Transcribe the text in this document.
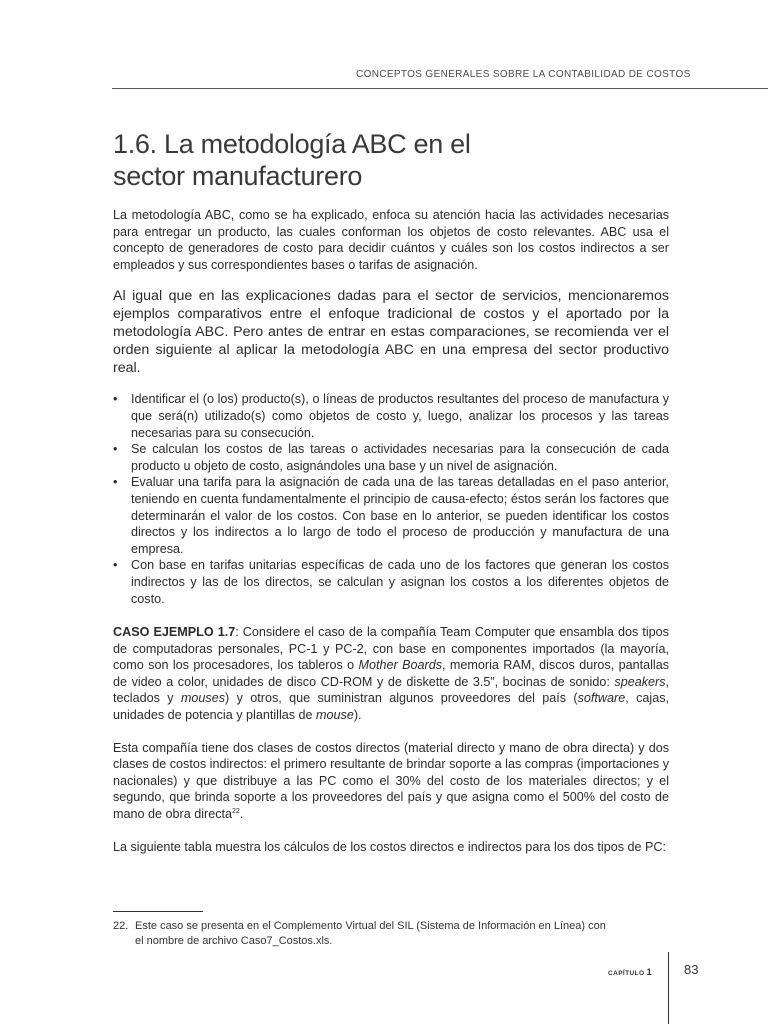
CONCEPTOS GENERALES SOBRE LA CONTABILIDAD DE COSTOS
1.6. La metodología ABC en el
sector manufacturero

La metodología ABC, como se ha explicado, enfoca su atención hacia las actividades necesarias para entregar un producto, las cuales conforman los objetos de costo relevantes. ABC usa el concepto de generadores de costo para decidir cuántos y cuáles son los costos indirectos a ser empleados y sus correspondientes bases o tarifas de asignación.

Al igual que en las explicaciones dadas para el sector de servicios, mencionaremos ejemplos comparativos entre el enfoque tradicional de costos y el aportado por la metodología ABC. Pero antes de entrar en estas comparaciones, se recomienda ver el orden siguiente al aplicar la metodología ABC en una empresa del sector productivo real.

• Identificar el (o los) producto(s), o líneas de productos resultantes del proceso de manufactura y que será(n) utilizado(s) como objetos de costo y, luego, analizar los procesos y las tareas necesarias para su consecución.
• Se calculan los costos de las tareas o actividades necesarias para la consecución de cada producto u objeto de costo, asignándoles una base y un nivel de asignación.
• Evaluar una tarifa para la asignación de cada una de las tareas detalladas en el paso anterior, teniendo en cuenta fundamentalmente el principio de causa-efecto; éstos serán los factores que determinarán el valor de los costos. Con base en lo anterior, se pueden identificar los costos directos y los indirectos a lo largo de todo el proceso de producción y manufactura de una empresa.
• Con base en tarifas unitarias específicas de cada uno de los factores que generan los costos indirectos y las de los directos, se calculan y asignan los costos a los diferentes objetos de costo.

CASO EJEMPLO 1.7: Considere el caso de la compañía Team Computer que ensambla dos tipos de computadoras personales, PC-1 y PC-2, con base en componentes importados (la mayoría, como son los procesadores, los tableros o Mother Boards, memoria RAM, discos duros, pantallas de video a color, unidades de disco CD-ROM y de diskette de 3.5”, bocinas de sonido: speakers, teclados y mouses) y otros, que suministran algunos proveedores del país (software, cajas, unidades de potencia y plantillas de mouse).

Esta compañía tiene dos clases de costos directos (material directo y mano de obra directa) y dos clases de costos indirectos: el primero resultante de brindar soporte a las compras (importaciones y nacionales) y que distribuye a las PC como el 30% del costo de los materiales directos; y el segundo, que brinda soporte a los proveedores del país y que asigna como el 500% del costo de mano de obra directa$^{22}$.

La siguiente tabla muestra los cálculos de los costos directos e indirectos para los dos tipos de PC:

22. Este caso se presenta en el Complemento Virtual del SIL (Sistema de Información en Línea) con
el nombre de archivo Caso7_Costos.xls.
CAPÍTULO 1 83
